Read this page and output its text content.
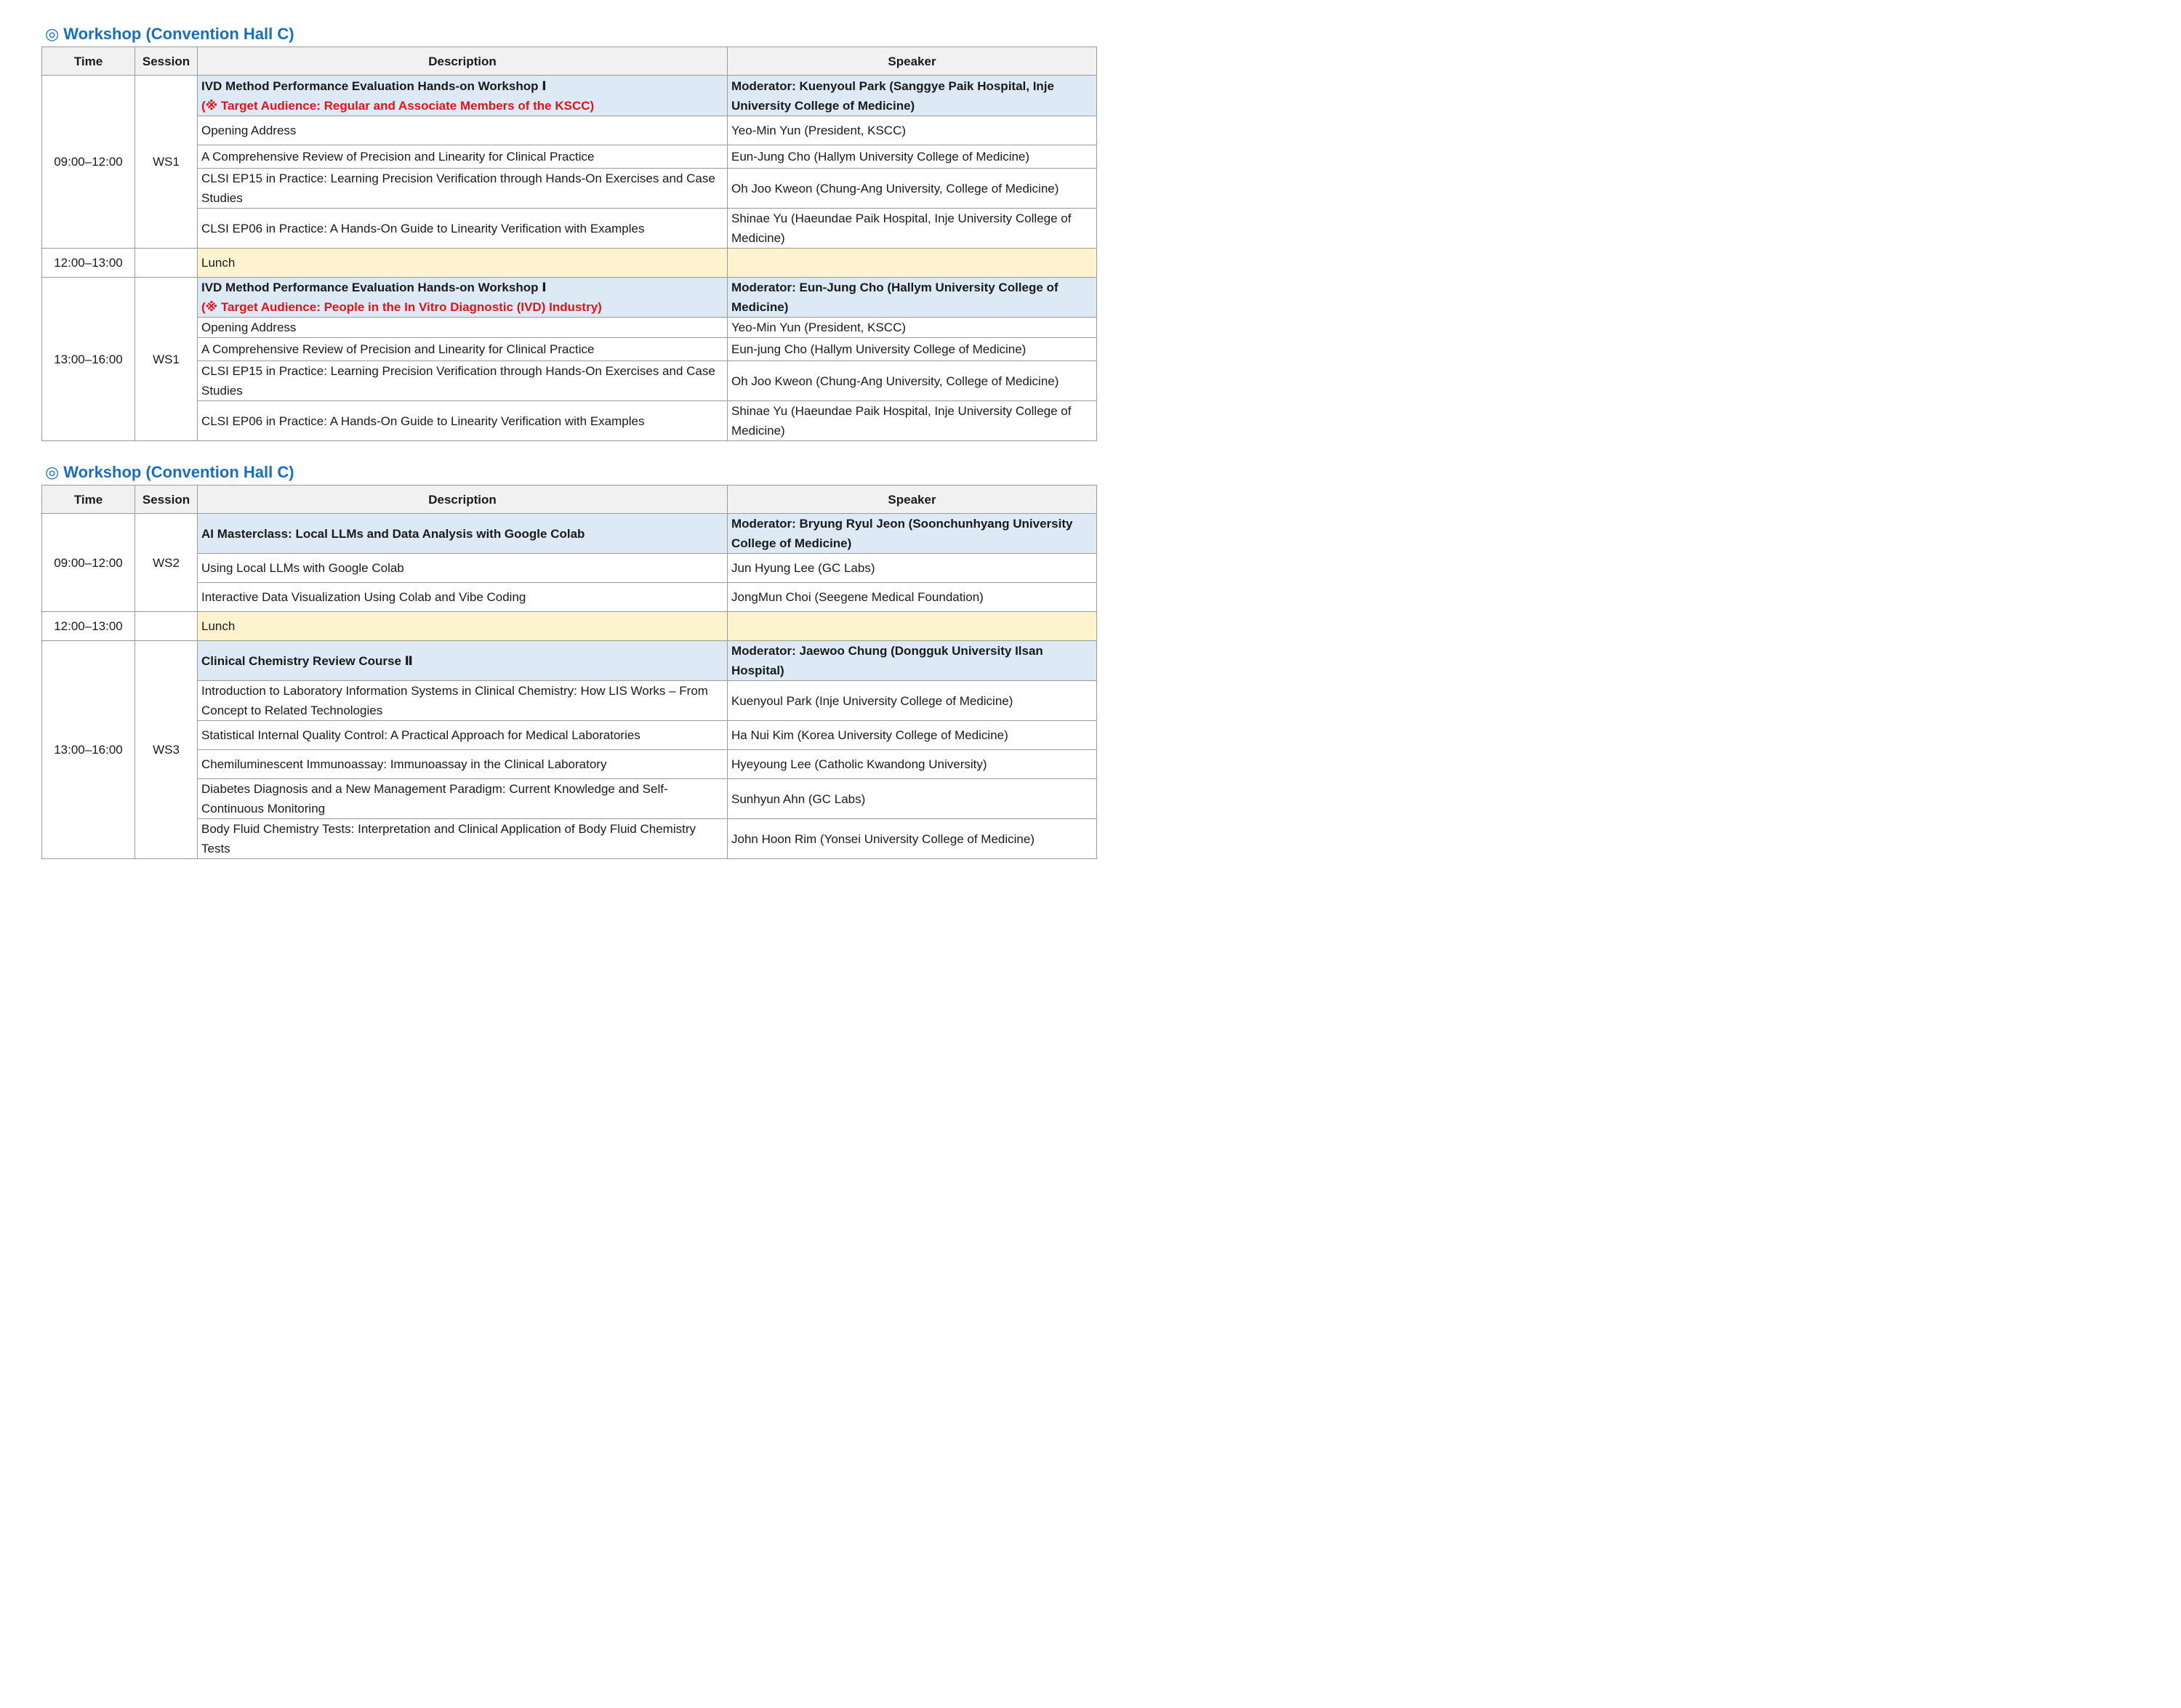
◎ Workshop (Convention Hall C)
Time	Session	Description	Speaker
09:00–12:00	WS1	IVD Method Performance Evaluation Hands-on Workshop Ⅰ
(※ Target Audience: Regular and Associate Members of the KSCC)	Moderator: Kuenyoul Park (Sanggye Paik Hospital, Inje University College of Medicine)
		Opening Address	Yeo-Min Yun (President, KSCC)
		A Comprehensive Review of Precision and Linearity for Clinical Practice	Eun-Jung Cho (Hallym University College of Medicine)
		CLSI EP15 in Practice: Learning Precision Verification through Hands-On Exercises and Case Studies	Oh Joo Kweon (Chung-Ang University, College of Medicine)
		CLSI EP06 in Practice: A Hands-On Guide to Linearity Verification with Examples	Shinae Yu (Haeundae Paik Hospital, Inje University College of Medicine)
12:00–13:00		Lunch	
13:00–16:00	WS1	IVD Method Performance Evaluation Hands-on Workshop Ⅰ
(※ Target Audience: People in the In Vitro Diagnostic (IVD) Industry)	Moderator: Eun-Jung Cho (Hallym University College of Medicine)
		Opening Address	Yeo-Min Yun (President, KSCC)
		A Comprehensive Review of Precision and Linearity for Clinical Practice	Eun-jung Cho (Hallym University College of Medicine)
		CLSI EP15 in Practice: Learning Precision Verification through Hands-On Exercises and Case Studies	Oh Joo Kweon (Chung-Ang University, College of Medicine)
		CLSI EP06 in Practice: A Hands-On Guide to Linearity Verification with Examples	Shinae Yu (Haeundae Paik Hospital, Inje University College of Medicine)
◎ Workshop (Convention Hall C)
Time	Session	Description	Speaker
09:00–12:00	WS2	AI Masterclass: Local LLMs and Data Analysis with Google Colab	Moderator: Bryung Ryul Jeon (Soonchunhyang University College of Medicine)
		Using Local LLMs with Google Colab	Jun Hyung Lee (GC Labs)
		Interactive Data Visualization Using Colab and Vibe Coding	JongMun Choi (Seegene Medical Foundation)
12:00–13:00		Lunch	
13:00–16:00	WS3	Clinical Chemistry Review Course Ⅱ	Moderator: Jaewoo Chung (Dongguk University Ilsan Hospital)
		Introduction to Laboratory Information Systems in Clinical Chemistry: How LIS Works – From Concept to Related Technologies	Kuenyoul Park (Inje University College of Medicine)
		Statistical Internal Quality Control: A Practical Approach for Medical Laboratories	Ha Nui Kim (Korea University College of Medicine)
		Chemiluminescent Immunoassay: Immunoassay in the Clinical Laboratory	Hyeyoung Lee (Catholic Kwandong University)
		Diabetes Diagnosis and a New Management Paradigm: Current Knowledge and Self-Continuous Monitoring	Sunhyun Ahn (GC Labs)
		Body Fluid Chemistry Tests: Interpretation and Clinical Application of Body Fluid Chemistry Tests	John Hoon Rim (Yonsei University College of Medicine)
